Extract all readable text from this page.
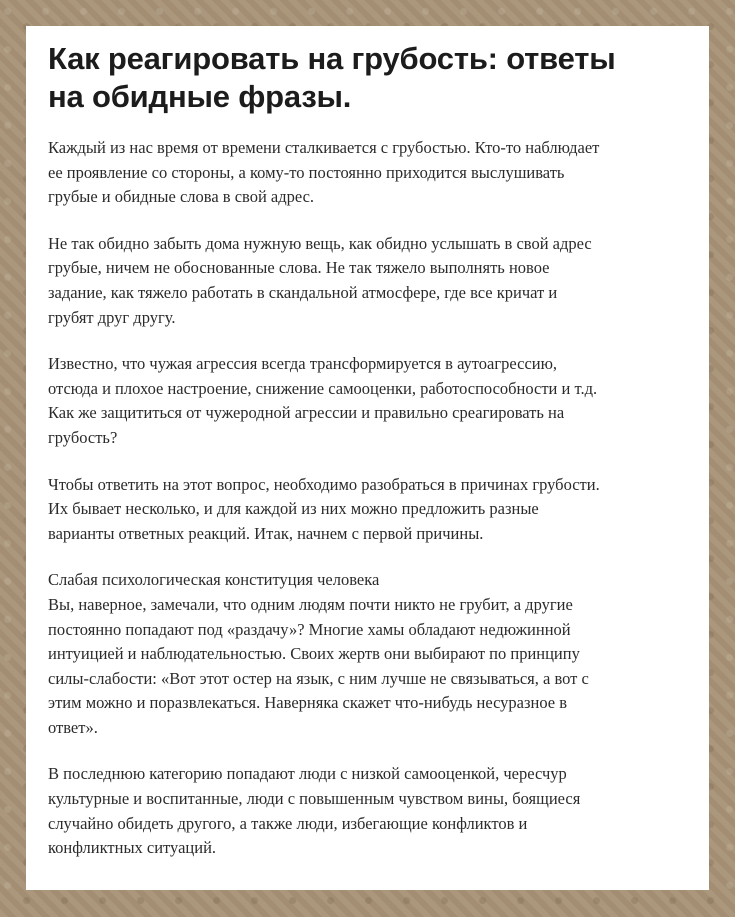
Как реагировать на грубость: ответы
на обидные фразы.

Каждый из нас время от времени сталкивается с грубостью. Кто-то наблюдает
ее проявление со стороны, а кому-то постоянно приходится выслушивать
грубые и обидные слова в свой адрес.

Не так обидно забыть дома нужную вещь, как обидно услышать в свой адрес
грубые, ничем не обоснованные слова. Не так тяжело выполнять новое
задание, как тяжело работать в скандальной атмосфере, где все кричат и
грубят друг другу.

Известно, что чужая агрессия всегда трансформируется в аутоагрессию,
отсюда и плохое настроение, снижение самооценки, работоспособности и т.д.
Как же защититься от чужеродной агрессии и правильно среагировать на
грубость?

Чтобы ответить на этот вопрос, необходимо разобраться в причинах грубости.
Их бывает несколько, и для каждой из них можно предложить разные
варианты ответных реакций. Итак, начнем с первой причины.

Слабая психологическая конституция человека
Вы, наверное, замечали, что одним людям почти никто не грубит, а другие
постоянно попадают под «раздачу»? Многие хамы обладают недюжинной
интуицией и наблюдательностью. Своих жертв они выбирают по принципу
силы-слабости: «Вот этот остер на язык, с ним лучше не связываться, а вот с
этим можно и поразвлекаться. Наверняка скажет что-нибудь несуразное в
ответ».

В последнюю категорию попадают люди с низкой самооценкой, чересчур
культурные и воспитанные, люди с повышенным чувством вины, боящиеся
случайно обидеть другого, а также люди, избегающие конфликтов и
конфликтных ситуаций.
